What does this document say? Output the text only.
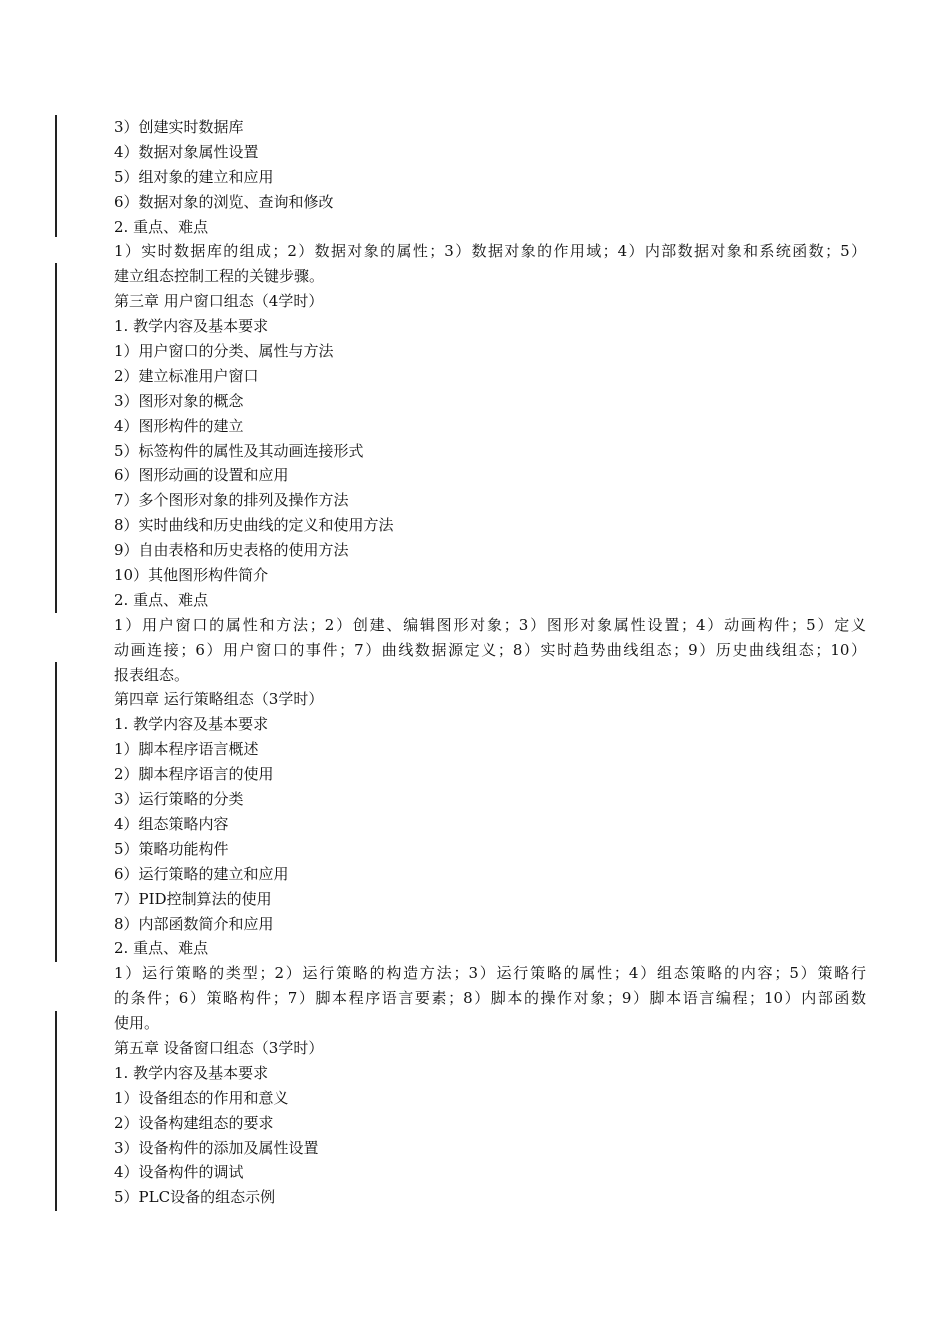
3）创建实时数据库
4）数据对象属性设置
5）组对象的建立和应用
6）数据对象的浏览、查询和修改
2. 重点、难点
1）实时数据库的组成；2）数据对象的属性；3）数据对象的作用域；4）内部数据对象和系统函数；5）
建立组态控制工程的关键步骤。
第三章 用户窗口组态（4学时）
1. 教学内容及基本要求
1）用户窗口的分类、属性与方法
2）建立标准用户窗口
3）图形对象的概念
4）图形构件的建立
5）标签构件的属性及其动画连接形式
6）图形动画的设置和应用
7）多个图形对象的排列及操作方法
8）实时曲线和历史曲线的定义和使用方法
9）自由表格和历史表格的使用方法
10）其他图形构件简介
2. 重点、难点
1）用户窗口的属性和方法；2）创建、编辑图形对象；3）图形对象属性设置；4）动画构件；5）定义
动画连接；6）用户窗口的事件；7）曲线数据源定义；8）实时趋势曲线组态；9）历史曲线组态；10）
报表组态。
第四章 运行策略组态（3学时）
1. 教学内容及基本要求
1）脚本程序语言概述
2）脚本程序语言的使用
3）运行策略的分类
4）组态策略内容
5）策略功能构件
6）运行策略的建立和应用
7）PID控制算法的使用
8）内部函数简介和应用
2. 重点、难点
1）运行策略的类型；2）运行策略的构造方法；3）运行策略的属性；4）组态策略的内容；5）策略行
的条件；6）策略构件；7）脚本程序语言要素；8）脚本的操作对象；9）脚本语言编程；10）内部函数
使用。
第五章 设备窗口组态（3学时）
1. 教学内容及基本要求
1）设备组态的作用和意义
2）设备构建组态的要求
3）设备构件的添加及属性设置
4）设备构件的调试
5）PLC设备的组态示例
